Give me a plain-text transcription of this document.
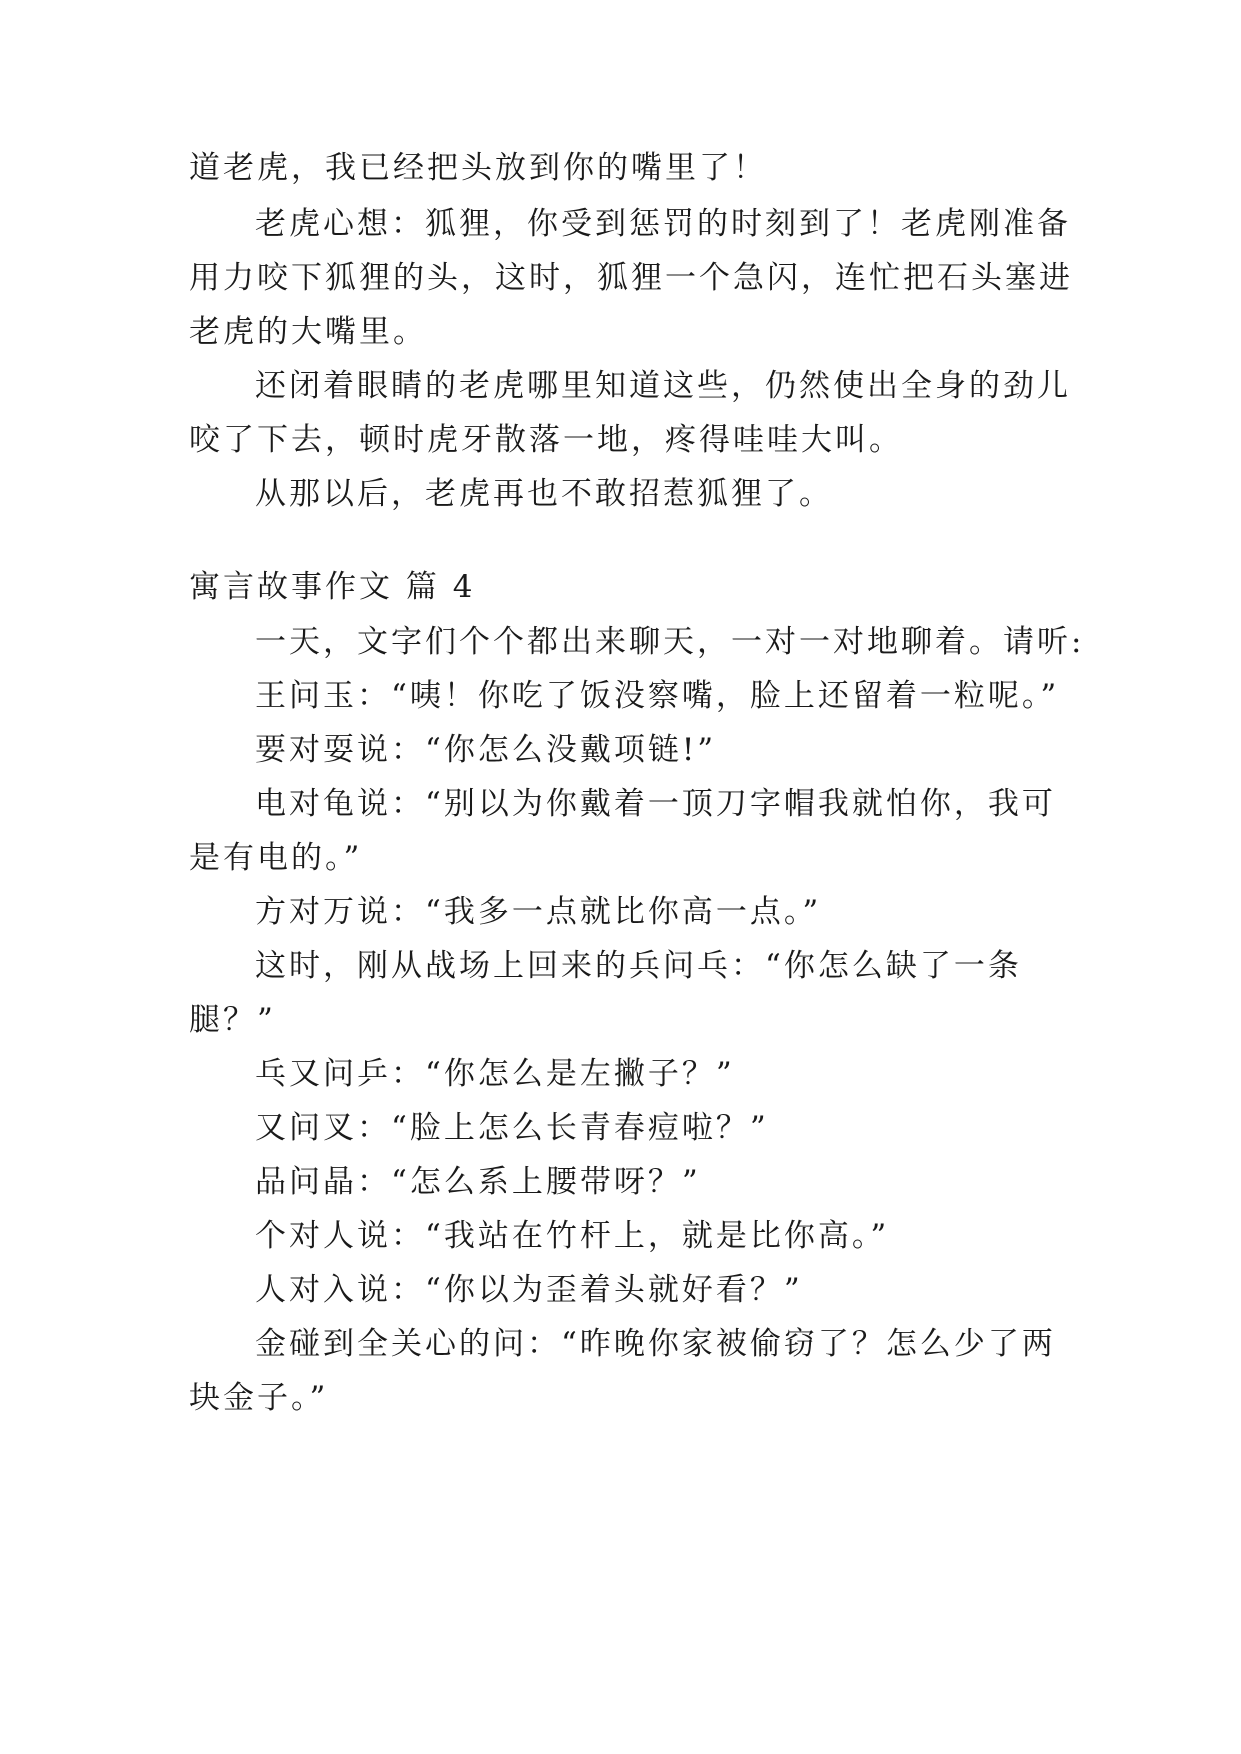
道老虎，我已经把头放到你的嘴里了！
老虎心想：狐狸，你受到惩罚的时刻到了！老虎刚准备
用力咬下狐狸的头，这时，狐狸一个急闪，连忙把石头塞进
老虎的大嘴里。
还闭着眼睛的老虎哪里知道这些，仍然使出全身的劲儿
咬了下去，顿时虎牙散落一地，疼得哇哇大叫。
从那以后，老虎再也不敢招惹狐狸了。
寓言故事作文 篇 4
一天，文字们个个都出来聊天，一对一对地聊着。请听:
王问玉：“咦！你吃了饭没察嘴，脸上还留着一粒呢。”
要对耍说：“你怎么没戴项链!”
电对龟说：“别以为你戴着一顶刀字帽我就怕你，我可
是有电的。”
方对万说：“我多一点就比你高一点。”
这时，刚从战场上回来的兵问乓：“你怎么缺了一条
腿？”
乓又问乒：“你怎么是左撇子？”
又问叉：“脸上怎么长青春痘啦？”
品问晶：“怎么系上腰带呀？”
个对人说：“我站在竹杆上，就是比你高。”
人对入说：“你以为歪着头就好看？”
金碰到全关心的问：“昨晚你家被偷窃了？怎么少了两
块金子。”
